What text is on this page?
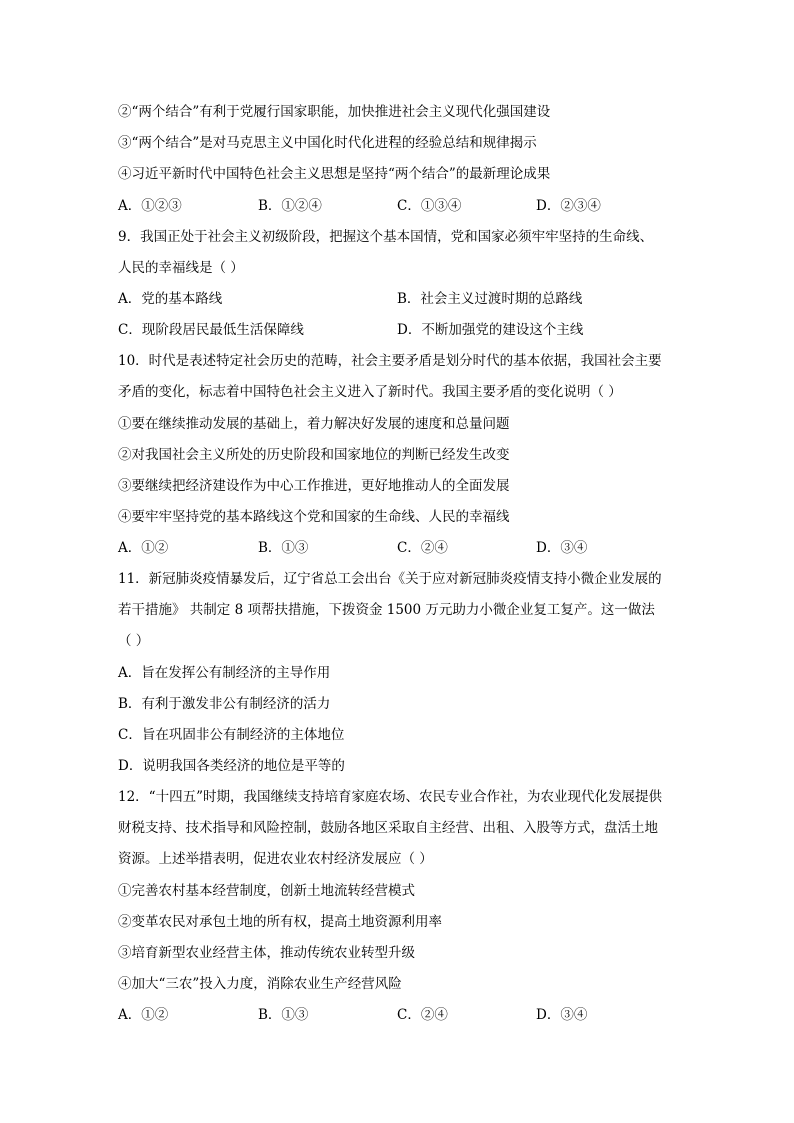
②“两个结合”有利于党履行国家职能，加快推进社会主义现代化强国建设
③“两个结合”是对马克思主义中国化时代化进程的经验总结和规律揭示
④习近平新时代中国特色社会主义思想是坚持“两个结合”的最新理论成果
A．①②③	B．①②④	C．①③④	D．②③④
9．我国正处于社会主义初级阶段，把握这个基本国情，党和国家必须牢牢坚持的生命线、
人民的幸福线是（ ）
A．党的基本路线	B．社会主义过渡时期的总路线
C．现阶段居民最低生活保障线	D．不断加强党的建设这个主线
10．时代是表述特定社会历史的范畴，社会主要矛盾是划分时代的基本依据，我国社会主要
矛盾的变化，标志着中国特色社会主义进入了新时代。我国主要矛盾的变化说明（ ）
①要在继续推动发展的基础上，着力解决好发展的速度和总量问题
②对我国社会主义所处的历史阶段和国家地位的判断已经发生改变
③要继续把经济建设作为中心工作推进，更好地推动人的全面发展
④要牢牢坚持党的基本路线这个党和国家的生命线、人民的幸福线
A．①②	B．①③	C．②④	D．③④
11．新冠肺炎疫情暴发后，辽宁省总工会出台《关于应对新冠肺炎疫情支持小微企业发展的
若干措施》 共制定 8 项帮扶措施，下拨资金 1500 万元助力小微企业复工复产。这一做法
（ ）
A．旨在发挥公有制经济的主导作用
B．有利于激发非公有制经济的活力
C．旨在巩固非公有制经济的主体地位
D．说明我国各类经济的地位是平等的
12．“十四五”时期，我国继续支持培育家庭农场、农民专业合作社，为农业现代化发展提供
财税支持、技术指导和风险控制，鼓励各地区采取自主经营、出租、入股等方式，盘活土地
资源。上述举措表明，促进农业农村经济发展应（ ）
①完善农村基本经营制度，创新土地流转经营模式
②变革农民对承包土地的所有权，提高土地资源利用率
③培育新型农业经营主体，推动传统农业转型升级
④加大“三农”投入力度，消除农业生产经营风险
A．①②	B．①③	C．②④	D．③④
